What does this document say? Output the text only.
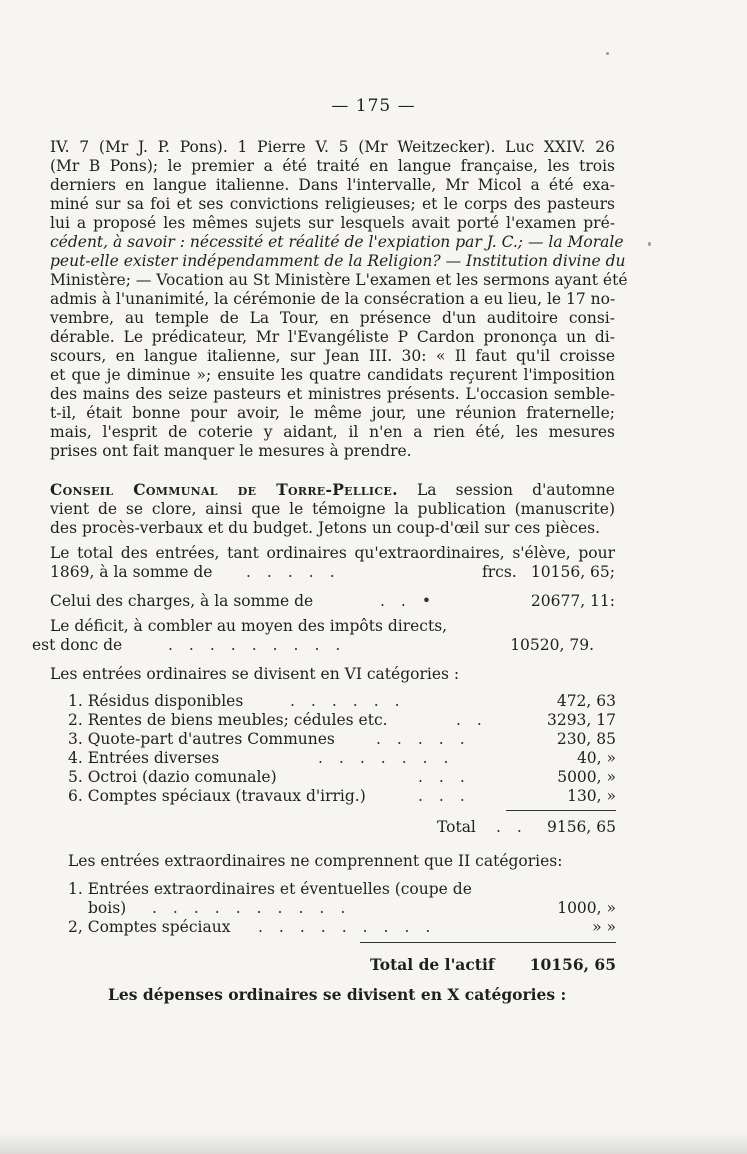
— 175 —
IV. 7 (Mr J. P. Pons). 1 Pierre V. 5 (Mr Weitzecker). Luc XXIV. 26
(Mr B Pons); le premier a été traité en langue française, les trois
derniers en langue italienne. Dans l'intervalle, Mr Micol a été exa-
miné sur sa foi et ses convictions religieuses; et le corps des pasteurs
lui a proposé les mêmes sujets sur lesquels avait porté l'examen pré-
cédent, à savoir : nécessité et réalité de l'expiation par J. C.; — la Morale
peut-elle exister indépendamment de la Religion? — Institution divine du
Ministère; — Vocation au St Ministère L'examen et les sermons ayant été
admis à l'unanimité, la cérémonie de la consécration a eu lieu, le 17 no-
vembre, au temple de La Tour, en présence d'un auditoire consi-
dérable. Le prédicateur, Mr l'Evangéliste P Cardon prononça un di-
scours, en langue italienne, sur Jean III. 30: « Il faut qu'il croisse
et que je diminue »; ensuite les quatre candidats reçurent l'imposition
des mains des seize pasteurs et ministres présents. L'occasion semble-
t-il, était bonne pour avoir, le même jour, une réunion fraternelle;
mais, l'esprit de coterie y aidant, il n'en a rien été, les mesures
prises ont fait manquer le mesures à prendre.
Conseil Communal de Torre-Pellice. La session d'automne
vient de se clore, ainsi que le témoigne la publication (manuscrite)
des procès-verbaux et du budget. Jetons un coup-d'œil sur ces pièces.
Le total des entrées, tant ordinaires qu'extraordinaires, s'élève, pour
1869, à la somme de .....	frcs. 10156, 65;
Celui des charges, à la somme de	..•	20677, 11:
Le déficit, à combler au moyen des impôts directs,
est donc de	.........	10520, 79.
Les entrées ordinaires se divisent en VI catégories :
1. Résidus disponibles	......	472, 63
2. Rentes de biens meubles; cédules etc.	..	3293, 17
3. Quote-part d'autres Communes	.....	230, 85
4. Entrées diverses	.......	40, »
5. Octroi (dazio comunale)	...	5000, »
6. Comptes spéciaux (travaux d'irrig.)	...	130, »
Total .. 9156, 65
Les entrées extraordinaires ne comprennent que II catégories:
1. Entrées extraordinaires et éventuelles (coupe de
bois) ..........	1000, »
2, Comptes spéciaux .........	» »
Total de l'actif 10156, 65
Les dépenses ordinaires se divisent en X catégories :
